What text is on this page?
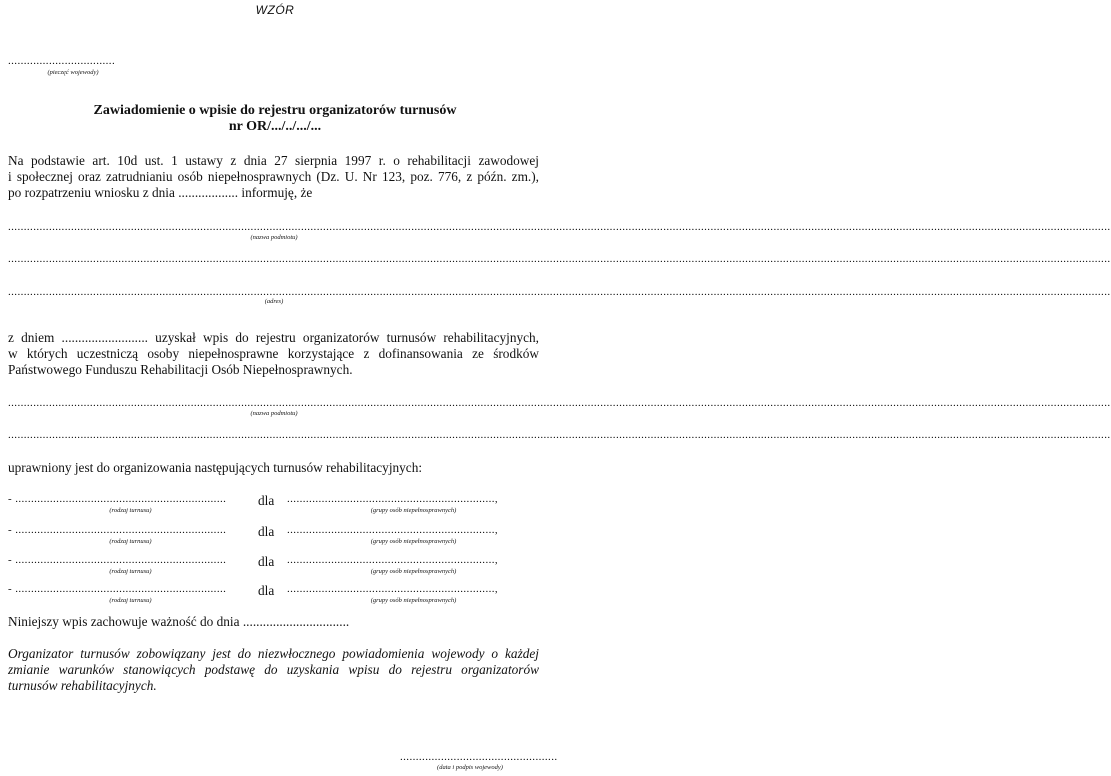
WZÓR
..................................
(pieczęć wojewody)
Zawiadomienie o wpisie do rejestru organizatorów turnusów
nr OR/.../../.../...
Na podstawie art. 10d ust. 1 ustawy z dnia 27 sierpnia 1997 r. o rehabilitacji zawodowej
i społecznej oraz zatrudnianiu osób niepełnosprawnych (Dz. U. Nr 123, poz. 776, z późn. zm.),
po rozpatrzeniu wniosku z dnia .................. informuję, że
..............................................................................................................................................................................................................................................................................................................................................................
(nazwa podmiotu)
..............................................................................................................................................................................................................................................................................................................................................................
..............................................................................................................................................................................................................................................................................................................................................................
(adres)
z dniem .......................... uzyskał wpis do rejestru organizatorów turnusów rehabilitacyjnych,
w których uczestniczą osoby niepełnosprawne korzystające z dofinansowania ze środków
Państwowego Funduszu Rehabilitacji Osób Niepełnosprawnych.
..............................................................................................................................................................................................................................................................................................................................................................
(nazwa podmiotu)
..............................................................................................................................................................................................................................................................................................................................................................
uprawniony jest do organizowania następujących turnusów rehabilitacyjnych:
- ...................................................................	dla ..................................................................,
(rodzaj turnusu)	(grupy osób niepełnosprawnych)
- ...................................................................	dla ..................................................................,
(rodzaj turnusu)	(grupy osób niepełnosprawnych)
- ...................................................................	dla ..................................................................,
(rodzaj turnusu)	(grupy osób niepełnosprawnych)
- ...................................................................	dla ..................................................................,
(rodzaj turnusu)	(grupy osób niepełnosprawnych)
Niniejszy wpis zachowuje ważność do dnia ................................
Organizator turnusów zobowiązany jest do niezwłocznego powiadomienia wojewody o każdej
zmianie warunków stanowiących podstawę do uzyskania wpisu do rejestru organizatorów
turnusów rehabilitacyjnych.
..................................................
(data i podpis wojewody)
